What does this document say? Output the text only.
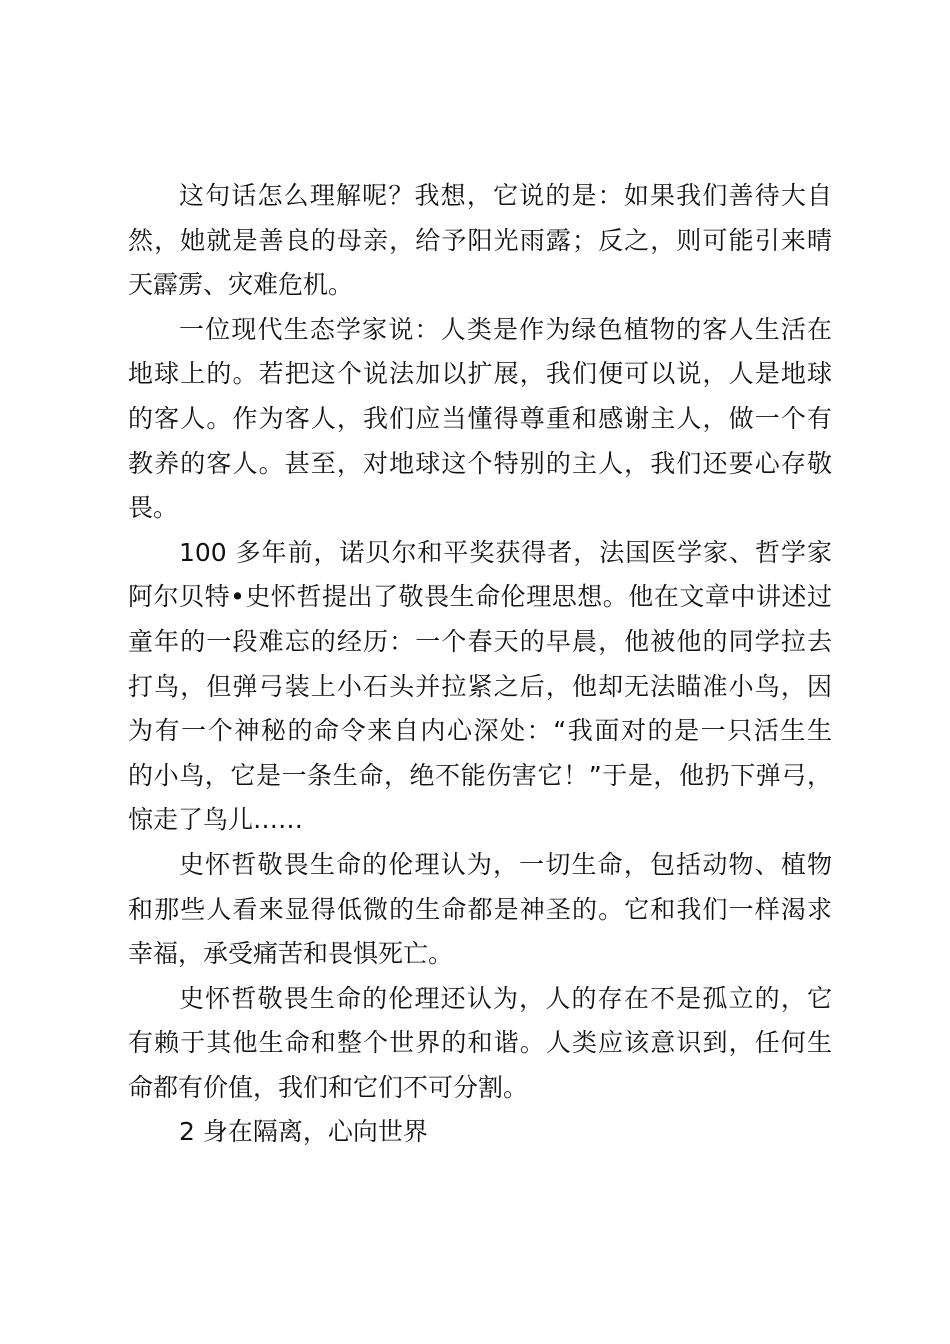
这句话怎么理解呢？我想，它说的是：如果我们善待大自
然，她就是善良的母亲，给予阳光雨露；反之，则可能引来晴
天霹雳、灾难危机。
一位现代生态学家说：人类是作为绿色植物的客人生活在
地球上的。若把这个说法加以扩展，我们便可以说，人是地球
的客人。作为客人，我们应当懂得尊重和感谢主人，做一个有
教养的客人。甚至，对地球这个特别的主人，我们还要心存敬
畏。
100 多年前，诺贝尔和平奖获得者，法国医学家、哲学家
阿尔贝特•史怀哲提出了敬畏生命伦理思想。他在文章中讲述过
童年的一段难忘的经历：一个春天的早晨，他被他的同学拉去
打鸟，但弹弓装上小石头并拉紧之后，他却无法瞄准小鸟，因
为有一个神秘的命令来自内心深处：“我面对的是一只活生生
的小鸟，它是一条生命，绝不能伤害它！”于是，他扔下弹弓，
惊走了鸟儿……
史怀哲敬畏生命的伦理认为，一切生命，包括动物、植物
和那些人看来显得低微的生命都是神圣的。它和我们一样渴求
幸福，承受痛苦和畏惧死亡。
史怀哲敬畏生命的伦理还认为，人的存在不是孤立的，它
有赖于其他生命和整个世界的和谐。人类应该意识到，任何生
命都有价值，我们和它们不可分割。
2 身在隔离，心向世界
